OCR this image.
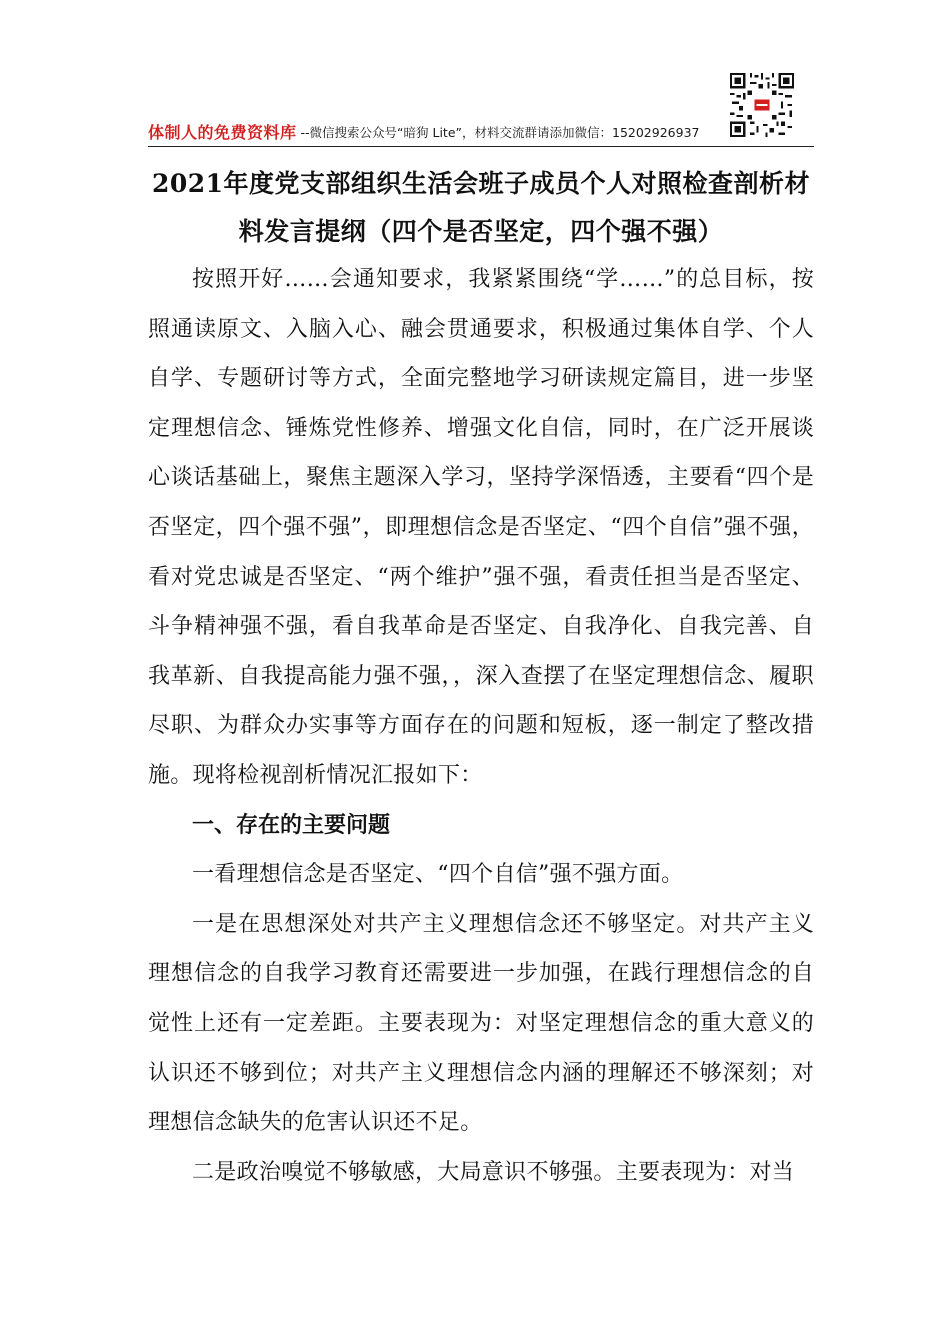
体制人的免费资料库 --微信搜索公众号“暗狗 Lite”，材料交流群请添加微信：15202926937
2021年度党支部组织生活会班子成员个人对照检查剖析材料发言提纲（四个是否坚定，四个强不强）

按照开好……会通知要求，我紧紧围绕“学……”的总目标，按照通读原文、入脑入心、融会贯通要求，积极通过集体自学、个人自学、专题研讨等方式，全面完整地学习研读规定篇目，进一步坚定理想信念、锤炼党性修养、增强文化自信，同时，在广泛开展谈心谈话基础上，聚焦主题深入学习，坚持学深悟透，主要看“四个是否坚定，四个强不强”，即理想信念是否坚定、“四个自信”强不强，看对党忠诚是否坚定、“两个维护”强不强，看责任担当是否坚定、斗争精神强不强，看自我革命是否坚定、自我净化、自我完善、自我革新、自我提高能力强不强，，深入查摆了在坚定理想信念、履职尽职、为群众办实事等方面存在的问题和短板，逐一制定了整改措施。现将检视剖析情况汇报如下：

一、存在的主要问题

一看理想信念是否坚定、“四个自信”强不强方面。

一是在思想深处对共产主义理想信念还不够坚定。对共产主义理想信念的自我学习教育还需要进一步加强，在践行理想信念的自觉性上还有一定差距。主要表现为：对坚定理想信念的重大意义的认识还不够到位；对共产主义理想信念内涵的理解还不够深刻；对理想信念缺失的危害认识还不足。

二是政治嗅觉不够敏感，大局意识不够强。主要表现为：对当
